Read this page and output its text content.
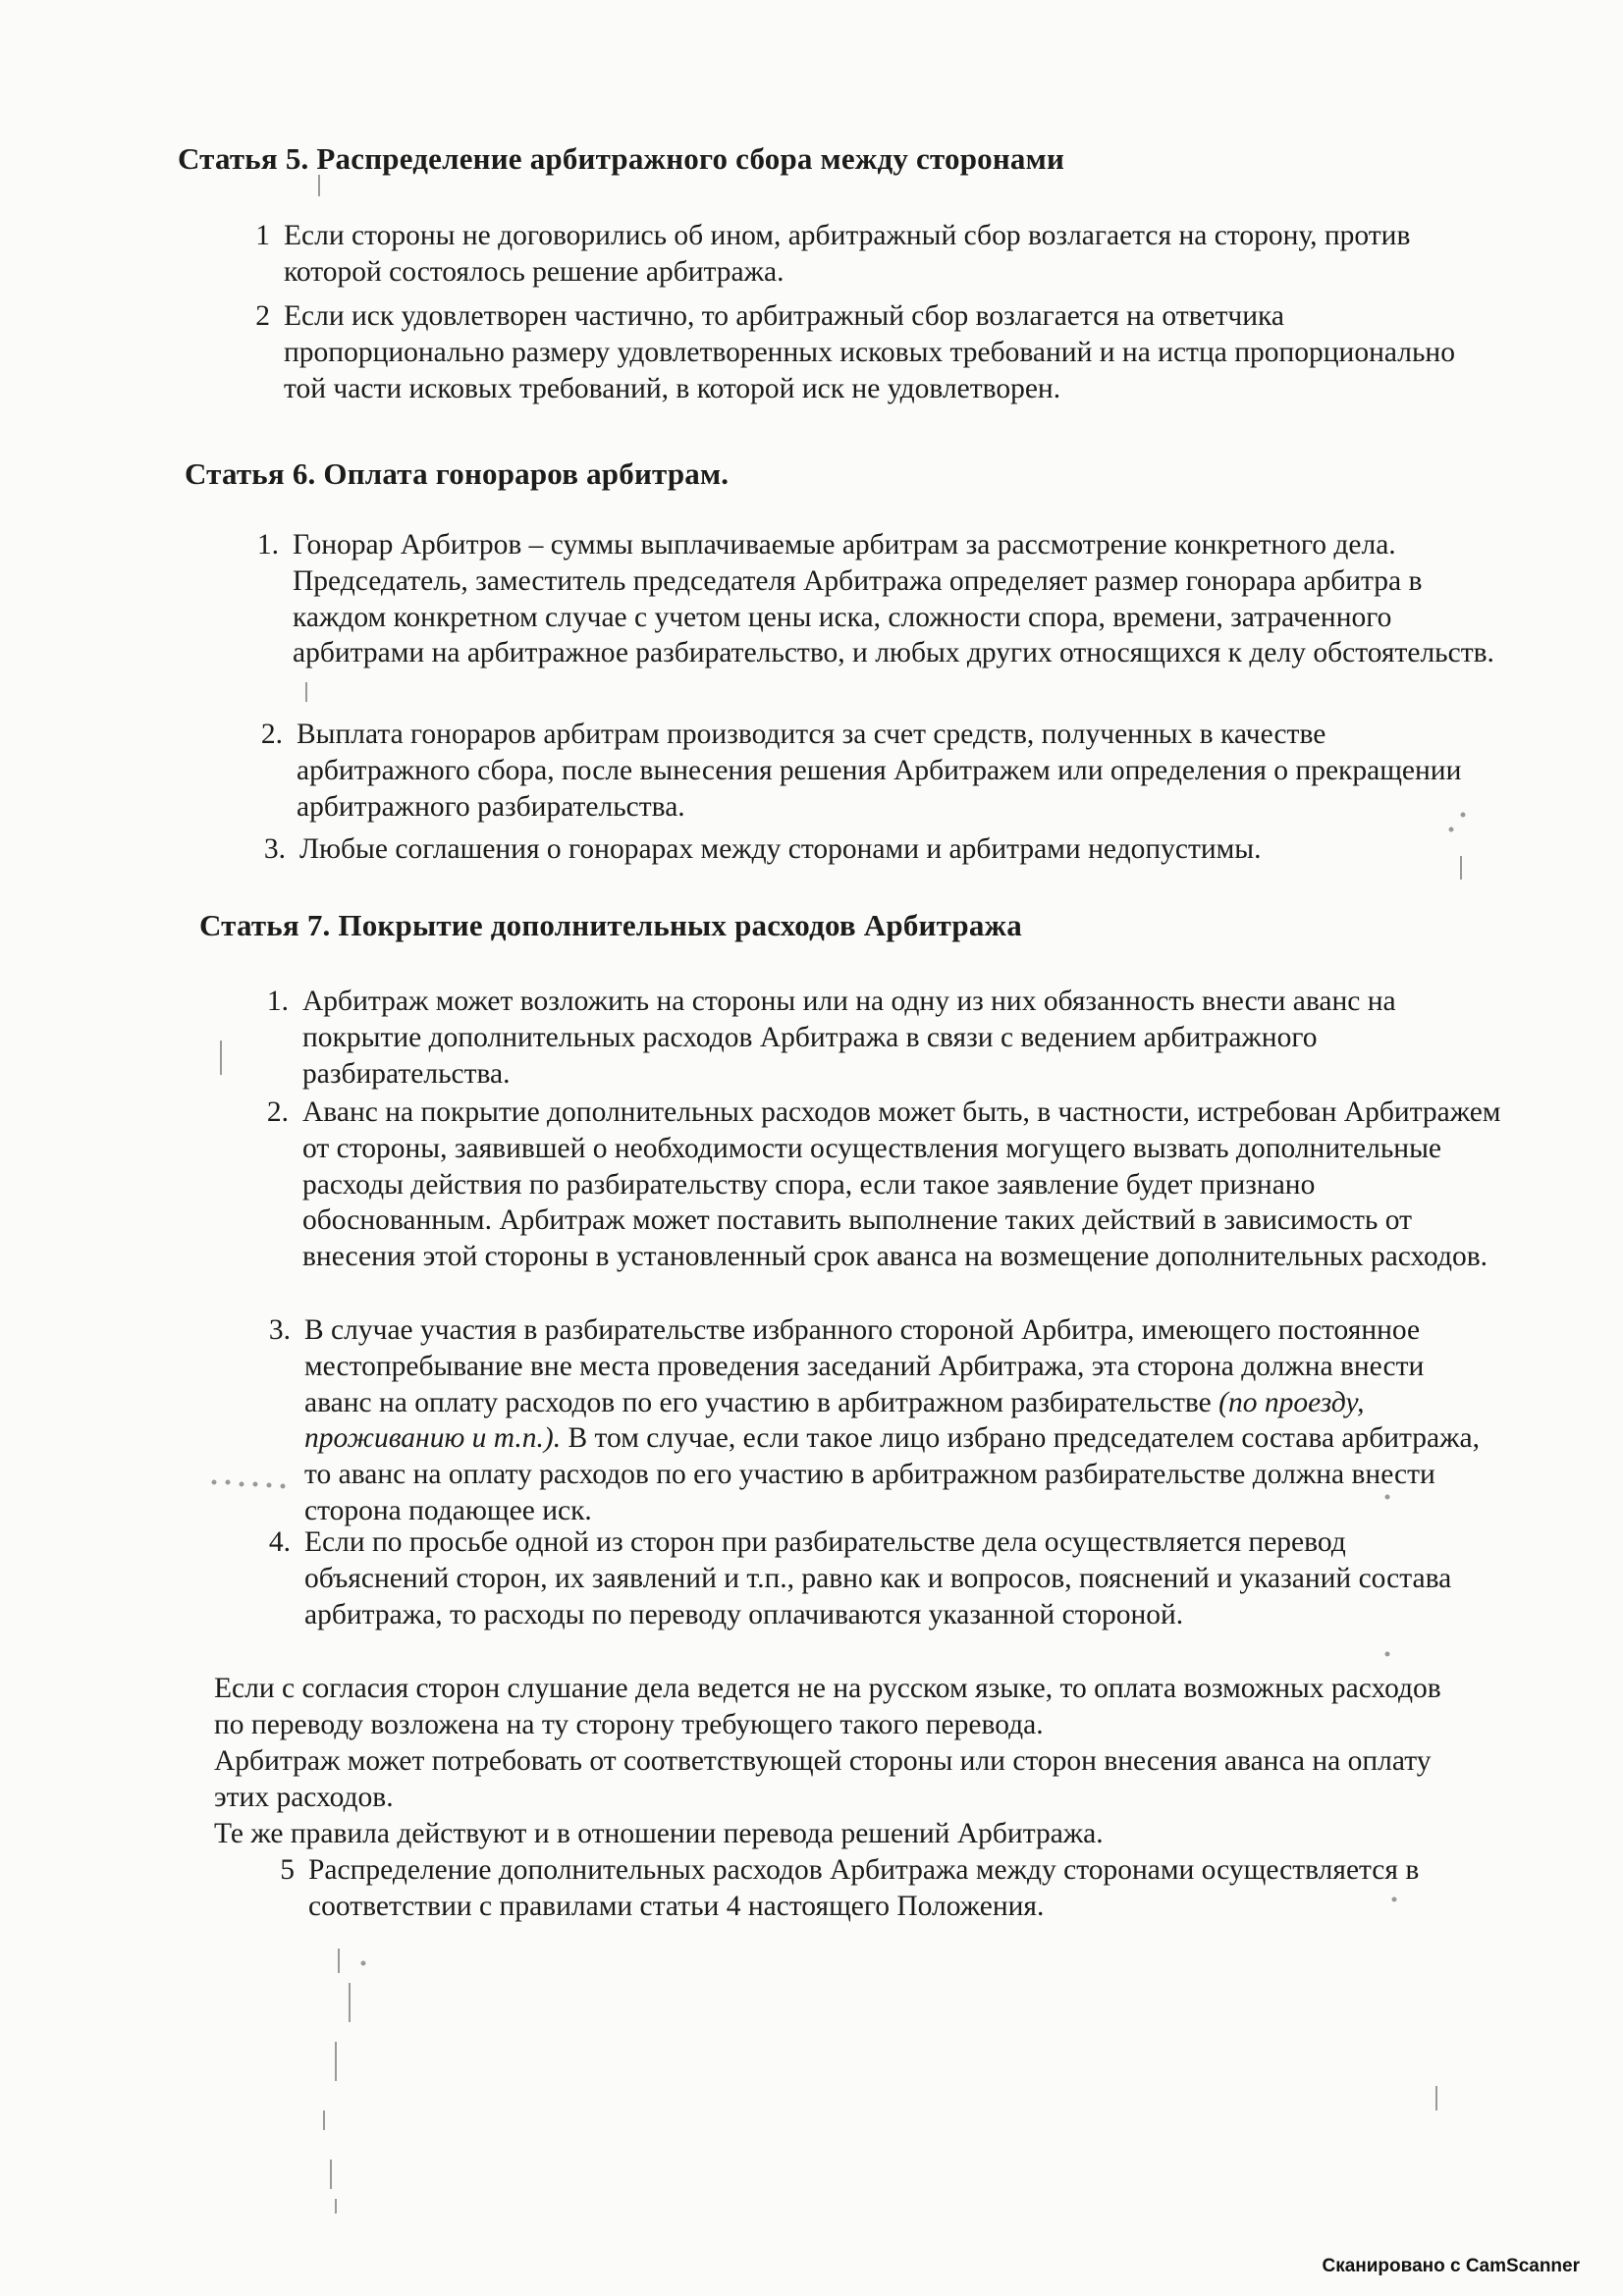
Статья 5. Распределение арбитражного сбора между сторонами
1 Если стороны не договорились об ином, арбитражный сбор возлагается на сторону, против которой состоялось решение арбитража.
2 Если иск удовлетворен частично, то арбитражный сбор возлагается на ответчика пропорционально размеру удовлетворенных исковых требований и на истца пропорционально той части исковых требований, в которой иск не удовлетворен.
Статья 6. Оплата гонораров арбитрам.
1. Гонорар Арбитров – суммы выплачиваемые арбитрам за рассмотрение конкретного дела. Председатель, заместитель председателя Арбитража определяет размер гонорара арбитра в каждом конкретном случае с учетом цены иска, сложности спора, времени, затраченного арбитрами на арбитражное разбирательство, и любых других относящихся к делу обстоятельств.
2. Выплата гонораров арбитрам производится за счет средств, полученных в качестве арбитражного сбора, после вынесения решения Арбитражем или определения о прекращении арбитражного разбирательства.
3. Любые соглашения о гонорарах между сторонами и арбитрами недопустимы.
Статья 7. Покрытие дополнительных расходов Арбитража
1. Арбитраж может возложить на стороны или на одну из них обязанность внести аванс на покрытие дополнительных расходов Арбитража в связи с ведением арбитражного разбирательства.
2. Аванс на покрытие дополнительных расходов может быть, в частности, истребован Арбитражем от стороны, заявившей о необходимости осуществления могущего вызвать дополнительные расходы действия по разбирательству спора, если такое заявление будет признано обоснованным. Арбитраж может поставить выполнение таких действий в зависимость от внесения этой стороны в установленный срок аванса на возмещение дополнительных расходов.
3. В случае участия в разбирательстве избранного стороной Арбитра, имеющего постоянное местопребывание вне места проведения заседаний Арбитража, эта сторона должна внести аванс на оплату расходов по его участию в арбитражном разбирательстве (по проезду, проживанию и т.п.). В том случае, если такое лицо избрано председателем состава арбитража, то аванс на оплату расходов по его участию в арбитражном разбирательстве должна внести сторона подающее иск.
4. Если по просьбе одной из сторон при разбирательстве дела осуществляется перевод объяснений сторон, их заявлений и т.п., равно как и вопросов, пояснений и указаний состава арбитража, то расходы по переводу оплачиваются указанной стороной.

Если с согласия сторон слушание дела ведется не на русском языке, то оплата возможных расходов по переводу возложена на ту сторону требующего такого перевода.

Арбитраж может потребовать от соответствующей стороны или сторон внесения аванса на оплату этих расходов.

Те же правила действуют и в отношении перевода решений Арбитража.

5 Распределение дополнительных расходов Арбитража между сторонами осуществляется в соответствии с правилами статьи 4 настоящего Положения.
Сканировано с CamScanner
